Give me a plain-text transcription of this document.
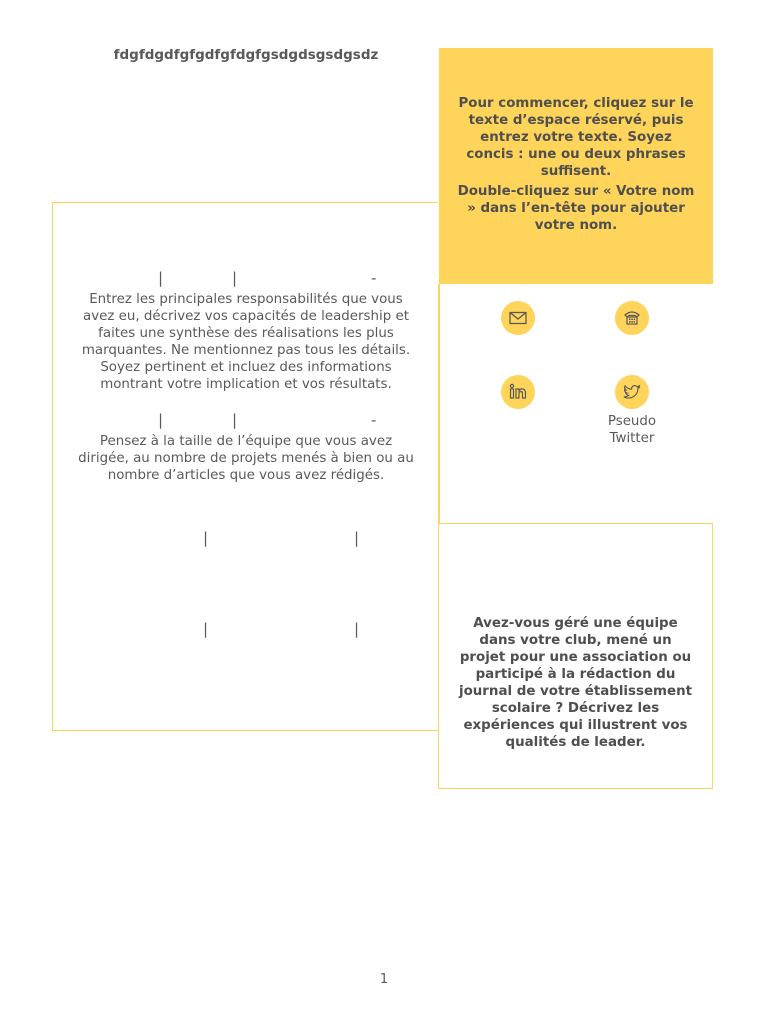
fdgfdgdfgfgdfgfdgfgsdgdsgsdgsdz

Pour commencer, cliquez sur le texte d’espace réservé, puis entrez votre texte. Soyez concis : une ou deux phrases suffisent.

Double-cliquez sur « Votre nom » dans l’en-tête pour ajouter votre nom.

|	|	-
Entrez les principales responsabilités que vous avez eu, décrivez vos capacités de leadership et faites une synthèse des réalisations les plus marquantes. Ne mentionnez pas tous les détails. Soyez pertinent et incluez des informations montrant votre implication et vos résultats.
|	|	-
Pensez à la taille de l’équipe que vous avez dirigée, au nombre de projets menés à bien ou au nombre d’articles que vous avez rédigés.
|	|
|	|
Pseudo Twitter
Avez-vous géré une équipe dans votre club, mené un projet pour une association ou participé à la rédaction du journal de votre établissement scolaire ? Décrivez les expériences qui illustrent vos qualités de leader.
1
